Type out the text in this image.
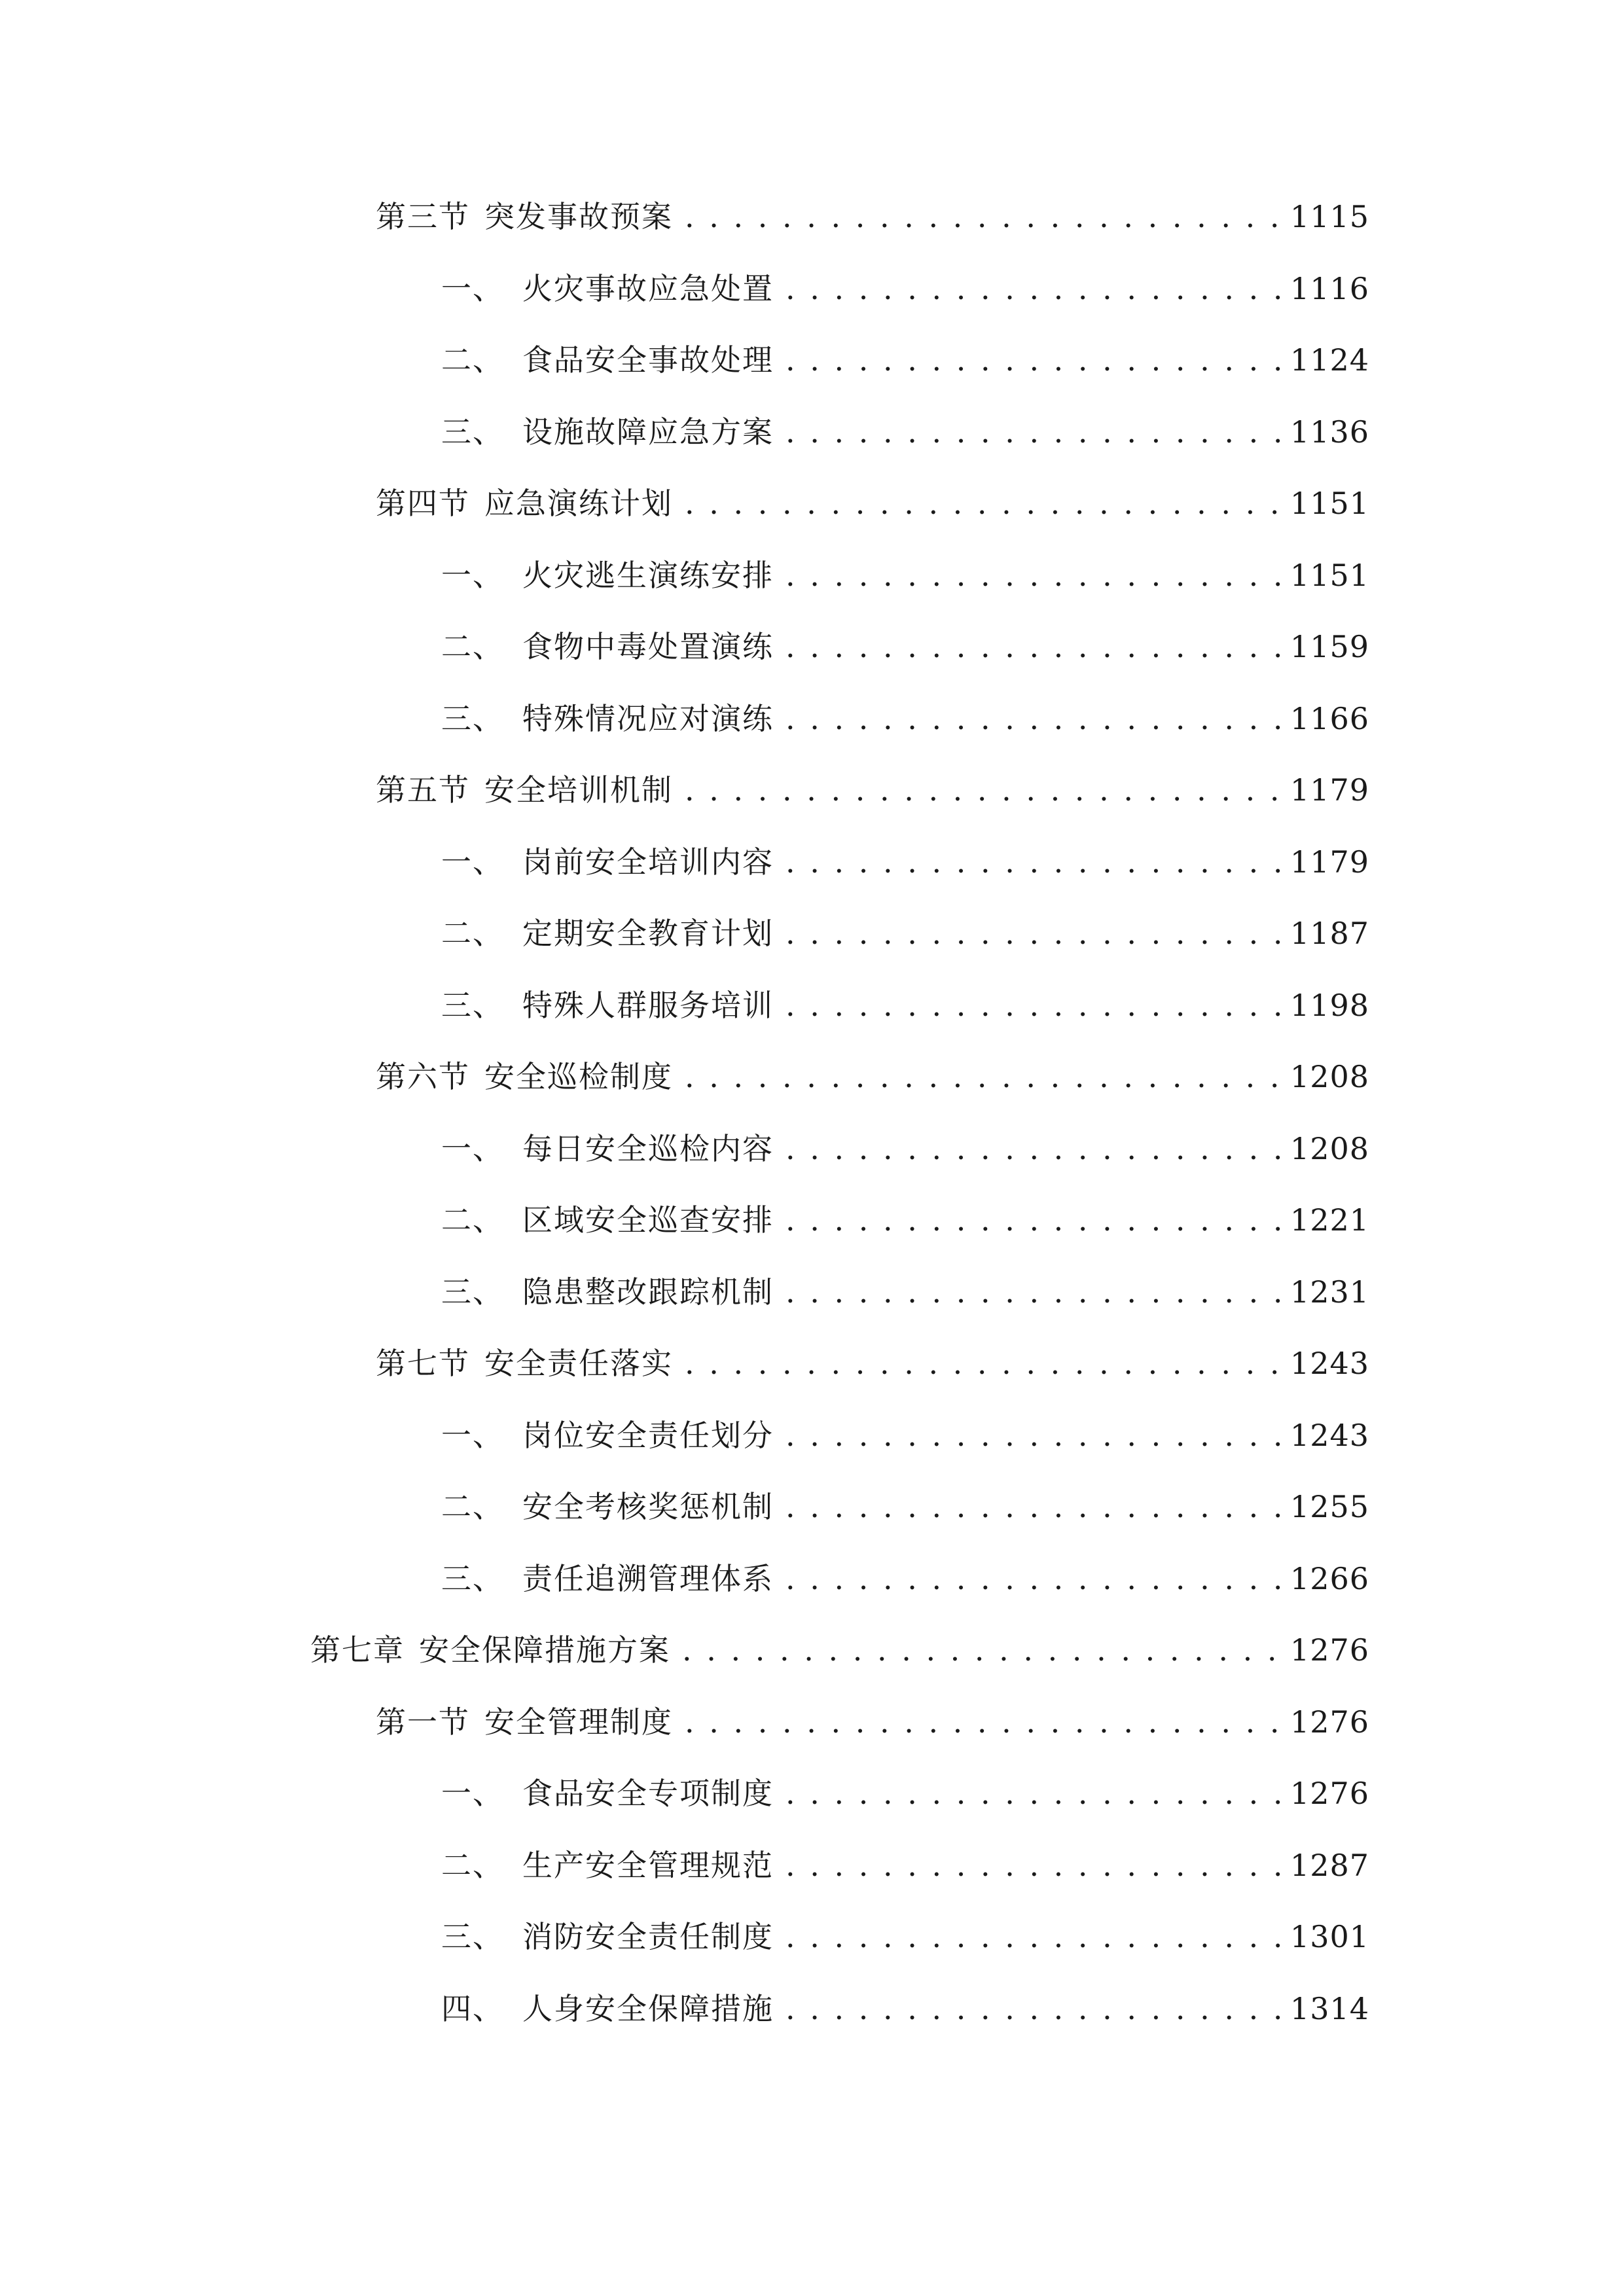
第三节 突发事故预案 . . .	1115
一、 火灾事故应急处置 . . .	1116
二、 食品安全事故处理 . . .	1124
三、 设施故障应急方案 . . .	1136
第四节 应急演练计划 . . .	1151
一、 火灾逃生演练安排 . . .	1151
二、 食物中毒处置演练 . . .	1159
三、 特殊情况应对演练 . . .	1166
第五节 安全培训机制 . . .	1179
一、 岗前安全培训内容 . . .	1179
二、 定期安全教育计划 . . .	1187
三、 特殊人群服务培训 . . .	1198
第六节 安全巡检制度 . . .	1208
一、 每日安全巡检内容 . . .	1208
二、 区域安全巡查安排 . . .	1221
三、 隐患整改跟踪机制 . . .	1231
第七节 安全责任落实 . . .	1243
一、 岗位安全责任划分 . . .	1243
二、 安全考核奖惩机制 . . .	1255
三、 责任追溯管理体系 . . .	1266
第七章 安全保障措施方案 . . .	1276
第一节 安全管理制度 . . .	1276
一、 食品安全专项制度 . . .	1276
二、 生产安全管理规范 . . .	1287
三、 消防安全责任制度 . . .	1301
四、 人身安全保障措施 . . .	1314
